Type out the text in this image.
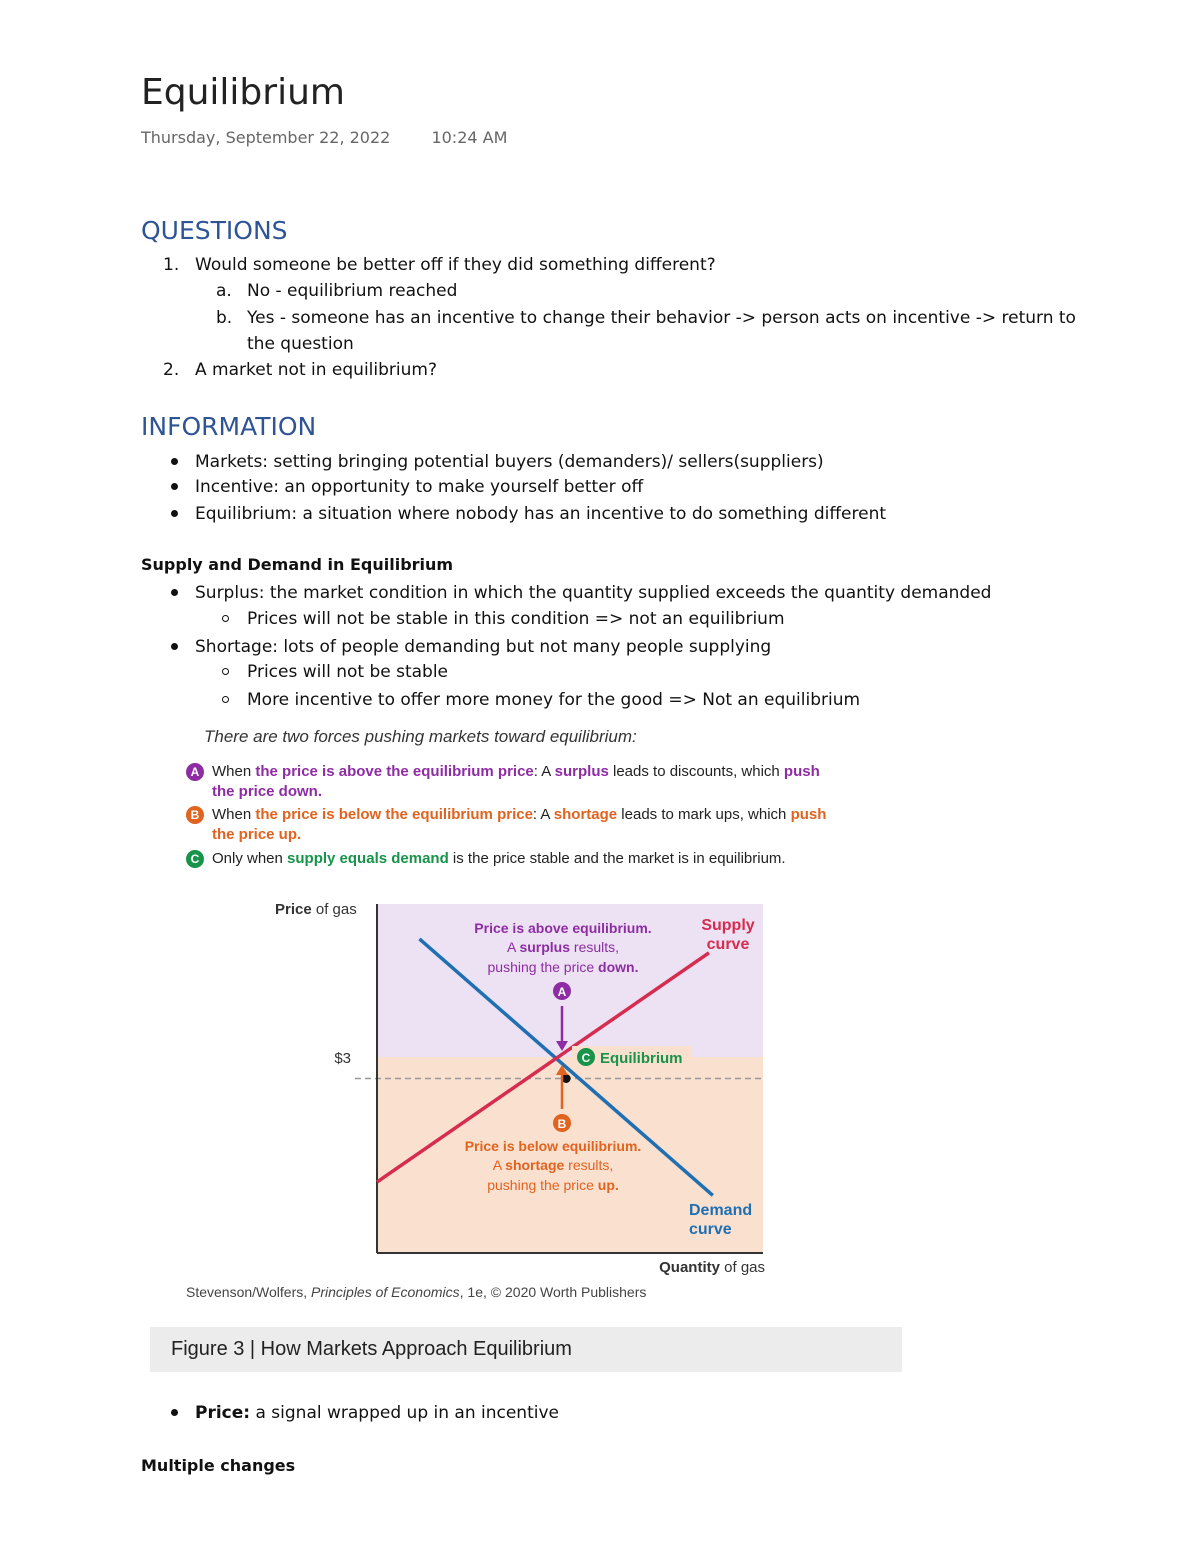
Equilibrium
Thursday, September 22, 2022	10:24 AM
QUESTIONS
1. Would someone be better off if they did something different?
a. No - equilibrium reached
b. Yes - someone has an incentive to change their behavior -> person acts on incentive -> return to
the question
2. A market not in equilibrium?
INFORMATION
Markets: setting bringing potential buyers (demanders)/ sellers(suppliers)
Incentive: an opportunity to make yourself better off
Equilibrium: a situation where nobody has an incentive to do something different
Supply and Demand in Equilibrium
Surplus: the market condition in which the quantity supplied exceeds the quantity demanded
Prices will not be stable in this condition => not an equilibrium
Shortage: lots of people demanding but not many people supplying
Prices will not be stable
More incentive to offer more money for the good => Not an equilibrium
There are two forces pushing markets toward equilibrium:
A When the price is above the equilibrium price: A surplus leads to discounts, which push
the price down.
B When the price is below the equilibrium price: A shortage leads to mark ups, which push
the price up.
C Only when supply equals demand is the price stable and the market is in equilibrium.
Price of gas
$3
Quantity of gas
Supply
curve
Demand
curve
Price is above equilibrium.
A surplus results,
pushing the price down.
A
B
Price is below equilibrium.
A shortage results,
pushing the price up.
C Equilibrium
Stevenson/Wolfers, Principles of Economics, 1e, © 2020 Worth Publishers
Figure 3 | How Markets Approach Equilibrium
Price: a signal wrapped up in an incentive
Multiple changes
